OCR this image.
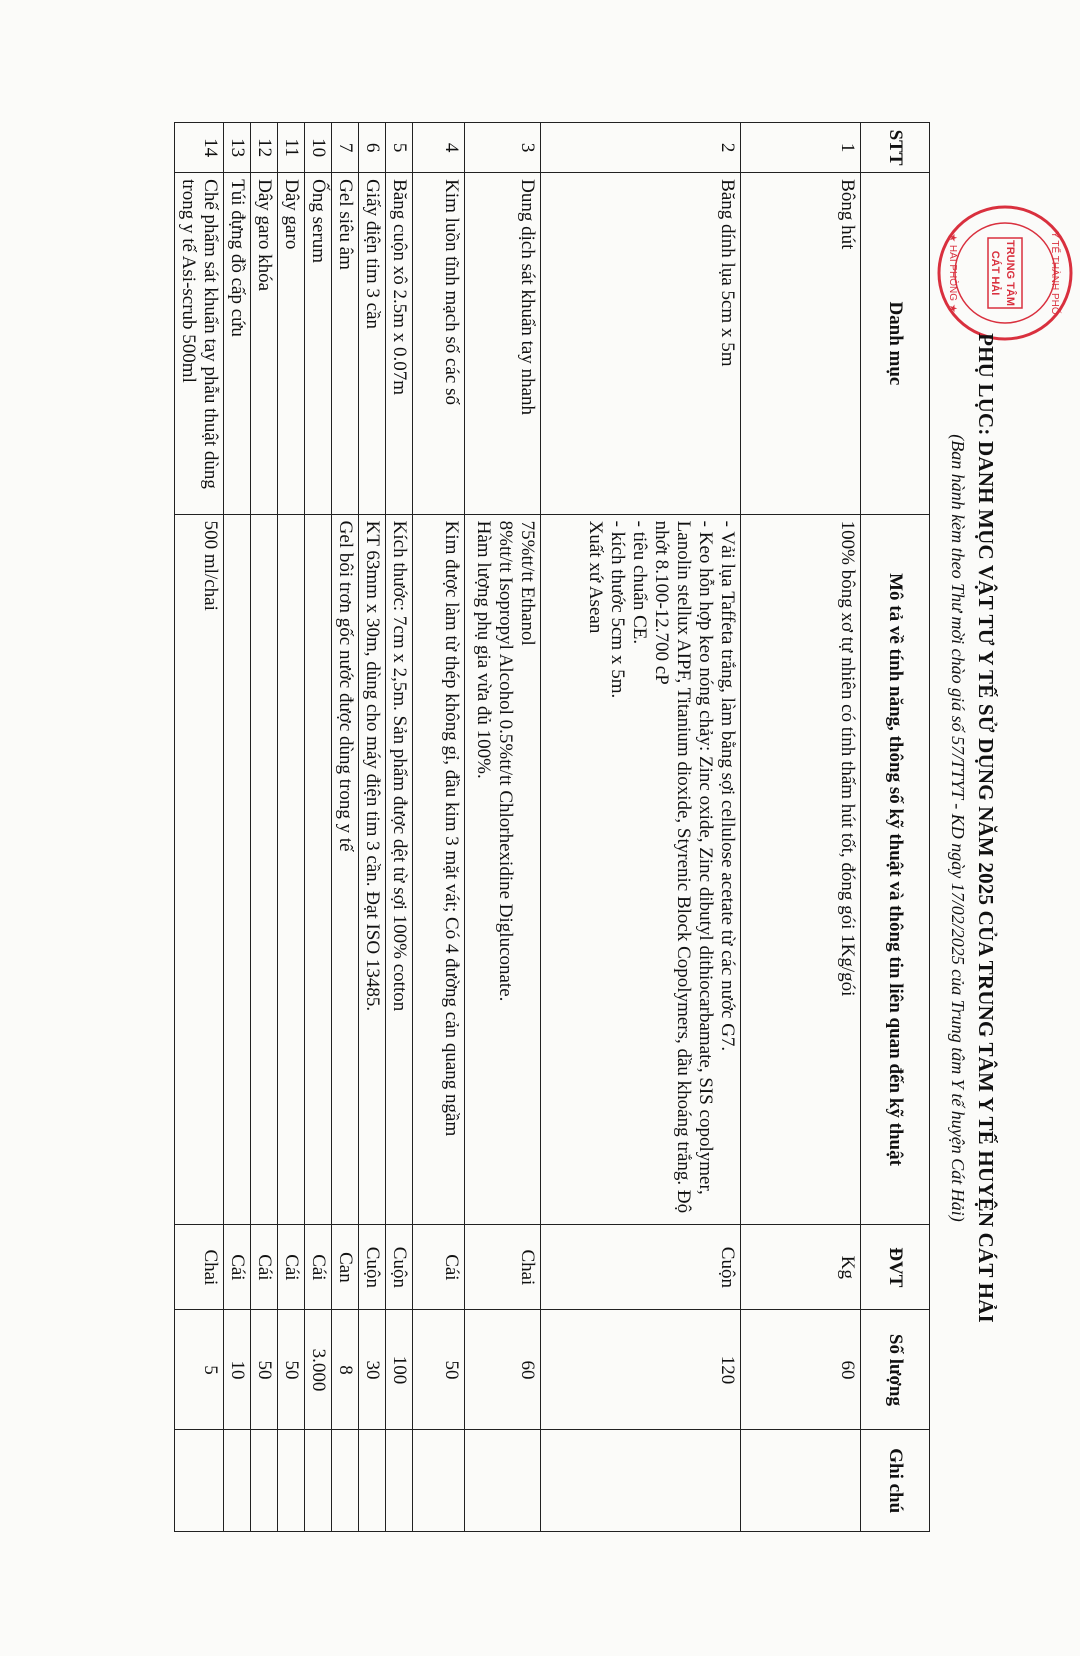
TRUNG TÂM
CÁT HẢI	Y TẾ THÀNH PHỐ
★ HẢI PHÒNG ★
PHỤ LỤC: DANH MỤC VẬT TƯ Y TẾ SỬ DỤNG NĂM 2025 CỦA TRUNG TÂM Y TẾ HUYỆN CÁT HẢI
(Ban hành kèm theo Thư mời chào giá số 57/TTYT - KD ngày 17/02/2025 của Trung tâm Y tế huyện Cát Hải)
STT	Danh mục	Mô tả về tính năng, thông số kỹ thuật và thông tin liên quan đến kỹ thuật	ĐVT	Số lượng	Ghi chú
1	Bông hút	100% bông xơ tự nhiên có tính thấm hút tốt, đóng gói 1Kg/gói	Kg	60	
2	Băng dính lụa 5cm x 5m	- Vải lụa Taffeta trắng, làm bằng sợi cellulose acetate từ các nước G7.

- Keo hỗn hợp keo nóng chảy: Zinc oxide, Zinc dibutyl dithiocarbamate, SIS copolymer, Lanolin stellux AIPF, Titanium dioxide, Styrenic Block Copolymers, dầu khoáng trắng. Độ nhớt 8.100-12.700 cP

- tiêu chuẩn CE.

- kích thước 5cm x 5m.

Xuất xứ Asean	Cuộn	120	
3	Dung dịch sát khuẩn tay nhanh	75%tt/tt Ethanol

8%tt/tt Isopropyl Alcohol 0.5%tt/tt Chlorhexidine Digluconate.

Hàm lượng phụ gia vừa đủ 100%.	Chai	60	
4	Kim luồn tĩnh mạch số các số	Kim được làm từ thép không gỉ, đầu kim 3 mặt vát; Có 4 đường cản quang ngầm	Cái	50	
5	Băng cuộn xô 2.5m x 0.07m	Kích thước: 7cm x 2,5m. Sản phẩm được dệt từ sợi 100% cotton	Cuộn	100	
6	Giấy điện tim 3 cần	KT 63mm x 30m, dùng cho máy điện tim 3 cần. Đạt ISO 13485.	Cuộn	30	
7	Gel siêu âm	Gel bôi trơn gốc nước được dùng trong y tế	Can	8	
10	Ống serum		Cái	3.000	
11	Dây garo		Cái	50	
12	Dây garo khóa		Cái	50	
13	Túi đựng đồ cấp cứu		Cái	10	
14	Chế phẩm sát khuẩn tay phẫu thuật dùng trong y tế Asi-scrub 500ml	500 ml/chai	Chai	5	
